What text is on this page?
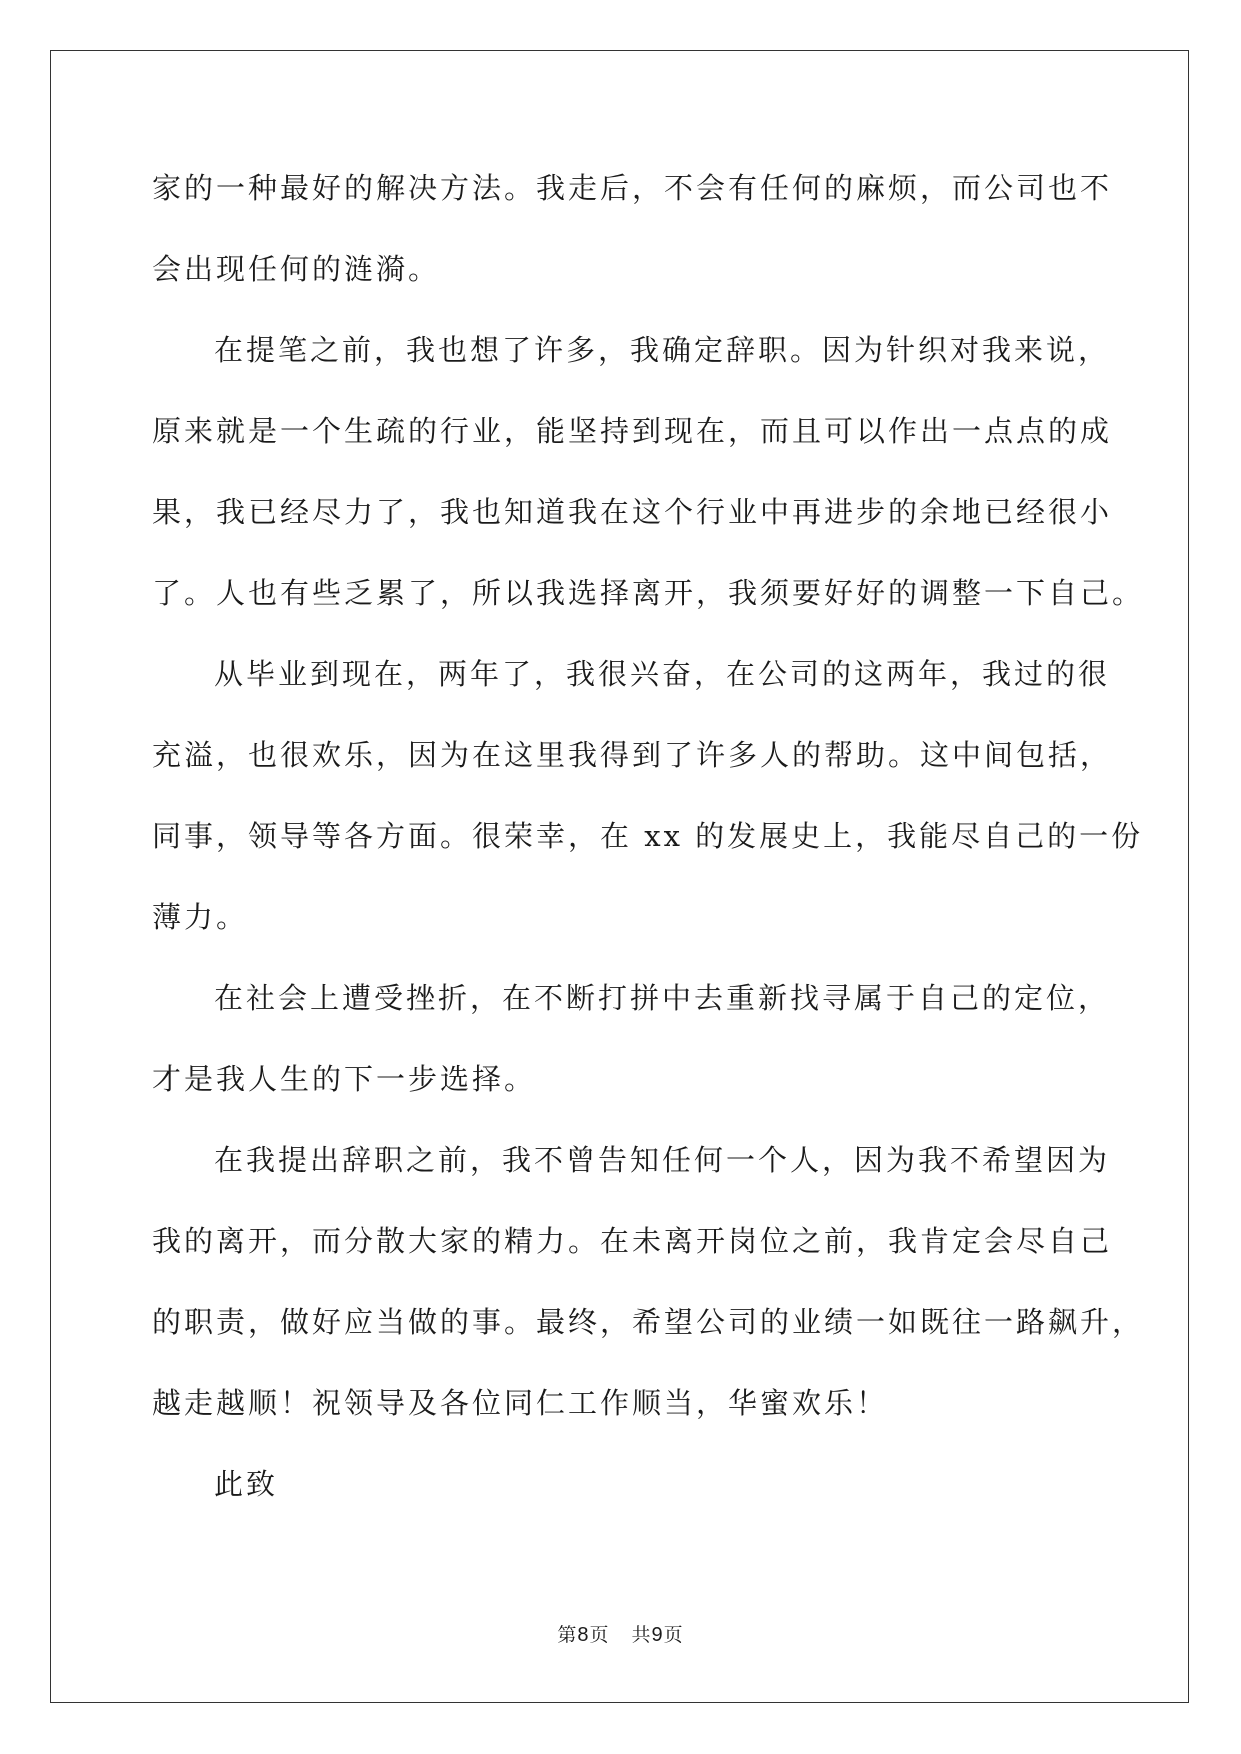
家的一种最好的解决方法。我走后，不会有任何的麻烦，而公司也不
会出现任何的涟漪。
在提笔之前，我也想了许多，我确定辞职。因为针织对我来说，
原来就是一个生疏的行业，能坚持到现在，而且可以作出一点点的成
果，我已经尽力了，我也知道我在这个行业中再进步的余地已经很小
了。人也有些乏累了，所以我选择离开，我须要好好的调整一下自己。
从毕业到现在，两年了，我很兴奋，在公司的这两年，我过的很
充溢，也很欢乐，因为在这里我得到了许多人的帮助。这中间包括，
同事，领导等各方面。很荣幸，在 xx 的发展史上，我能尽自己的一份
薄力。
在社会上遭受挫折，在不断打拼中去重新找寻属于自己的定位，
才是我人生的下一步选择。
在我提出辞职之前，我不曾告知任何一个人，因为我不希望因为
我的离开，而分散大家的精力。在未离开岗位之前，我肯定会尽自己
的职责，做好应当做的事。最终，希望公司的业绩一如既往一路飙升，
越走越顺！祝领导及各位同仁工作顺当，华蜜欢乐！
此致
第8页 共9页
